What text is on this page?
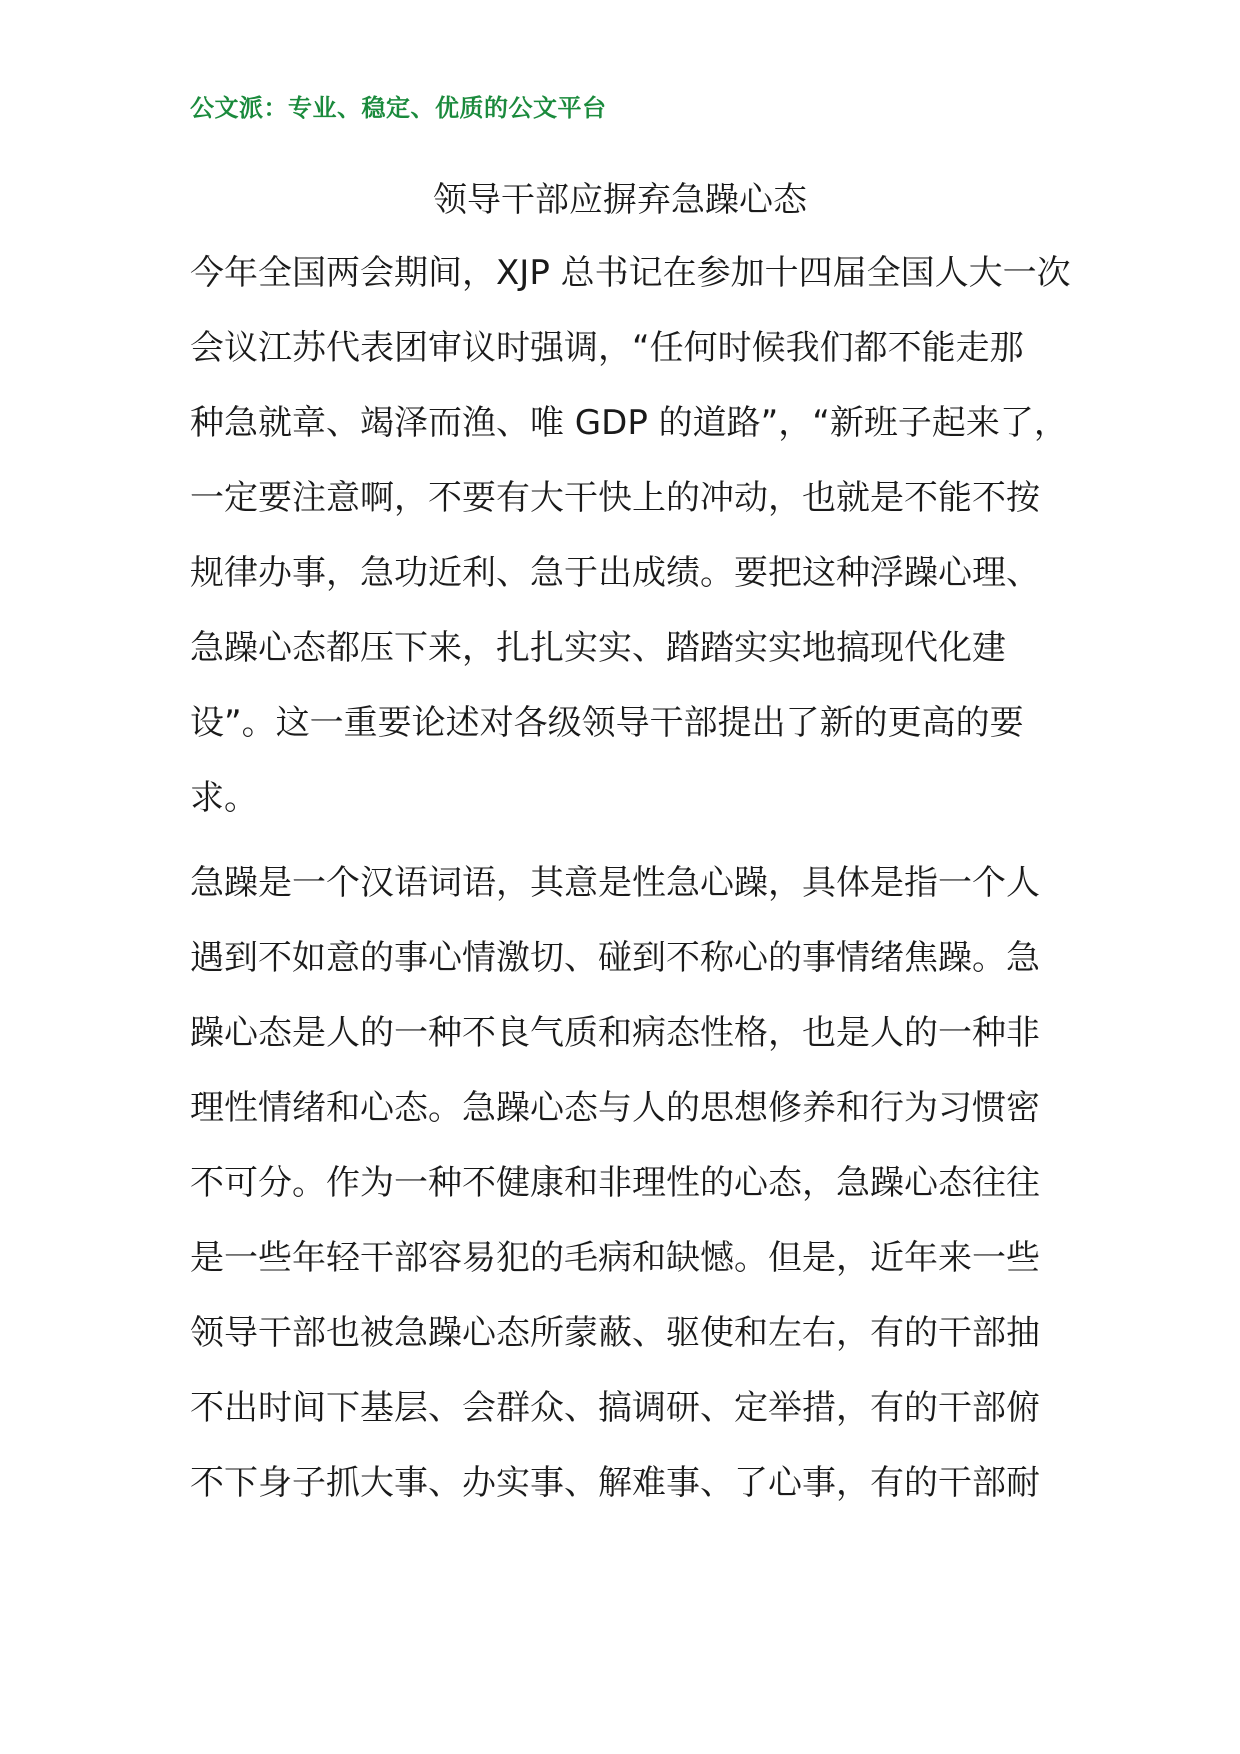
公文派：专业、稳定、优质的公文平台
领导干部应摒弃急躁心态
今年全国两会期间，XJP 总书记在参加十四届全国人大一次
会议江苏代表团审议时强调，“任何时候我们都不能走那
种急就章、竭泽而渔、唯 GDP 的道路”，“新班子起来了，
一定要注意啊，不要有大干快上的冲动，也就是不能不按
规律办事，急功近利、急于出成绩。要把这种浮躁心理、
急躁心态都压下来，扎扎实实、踏踏实实地搞现代化建
设”。这一重要论述对各级领导干部提出了新的更高的要
求。
急躁是一个汉语词语，其意是性急心躁，具体是指一个人
遇到不如意的事心情激切、碰到不称心的事情绪焦躁。急
躁心态是人的一种不良气质和病态性格，也是人的一种非
理性情绪和心态。急躁心态与人的思想修养和行为习惯密
不可分。作为一种不健康和非理性的心态，急躁心态往往
是一些年轻干部容易犯的毛病和缺憾。但是，近年来一些
领导干部也被急躁心态所蒙蔽、驱使和左右，有的干部抽
不出时间下基层、会群众、搞调研、定举措，有的干部俯
不下身子抓大事、办实事、解难事、了心事，有的干部耐
